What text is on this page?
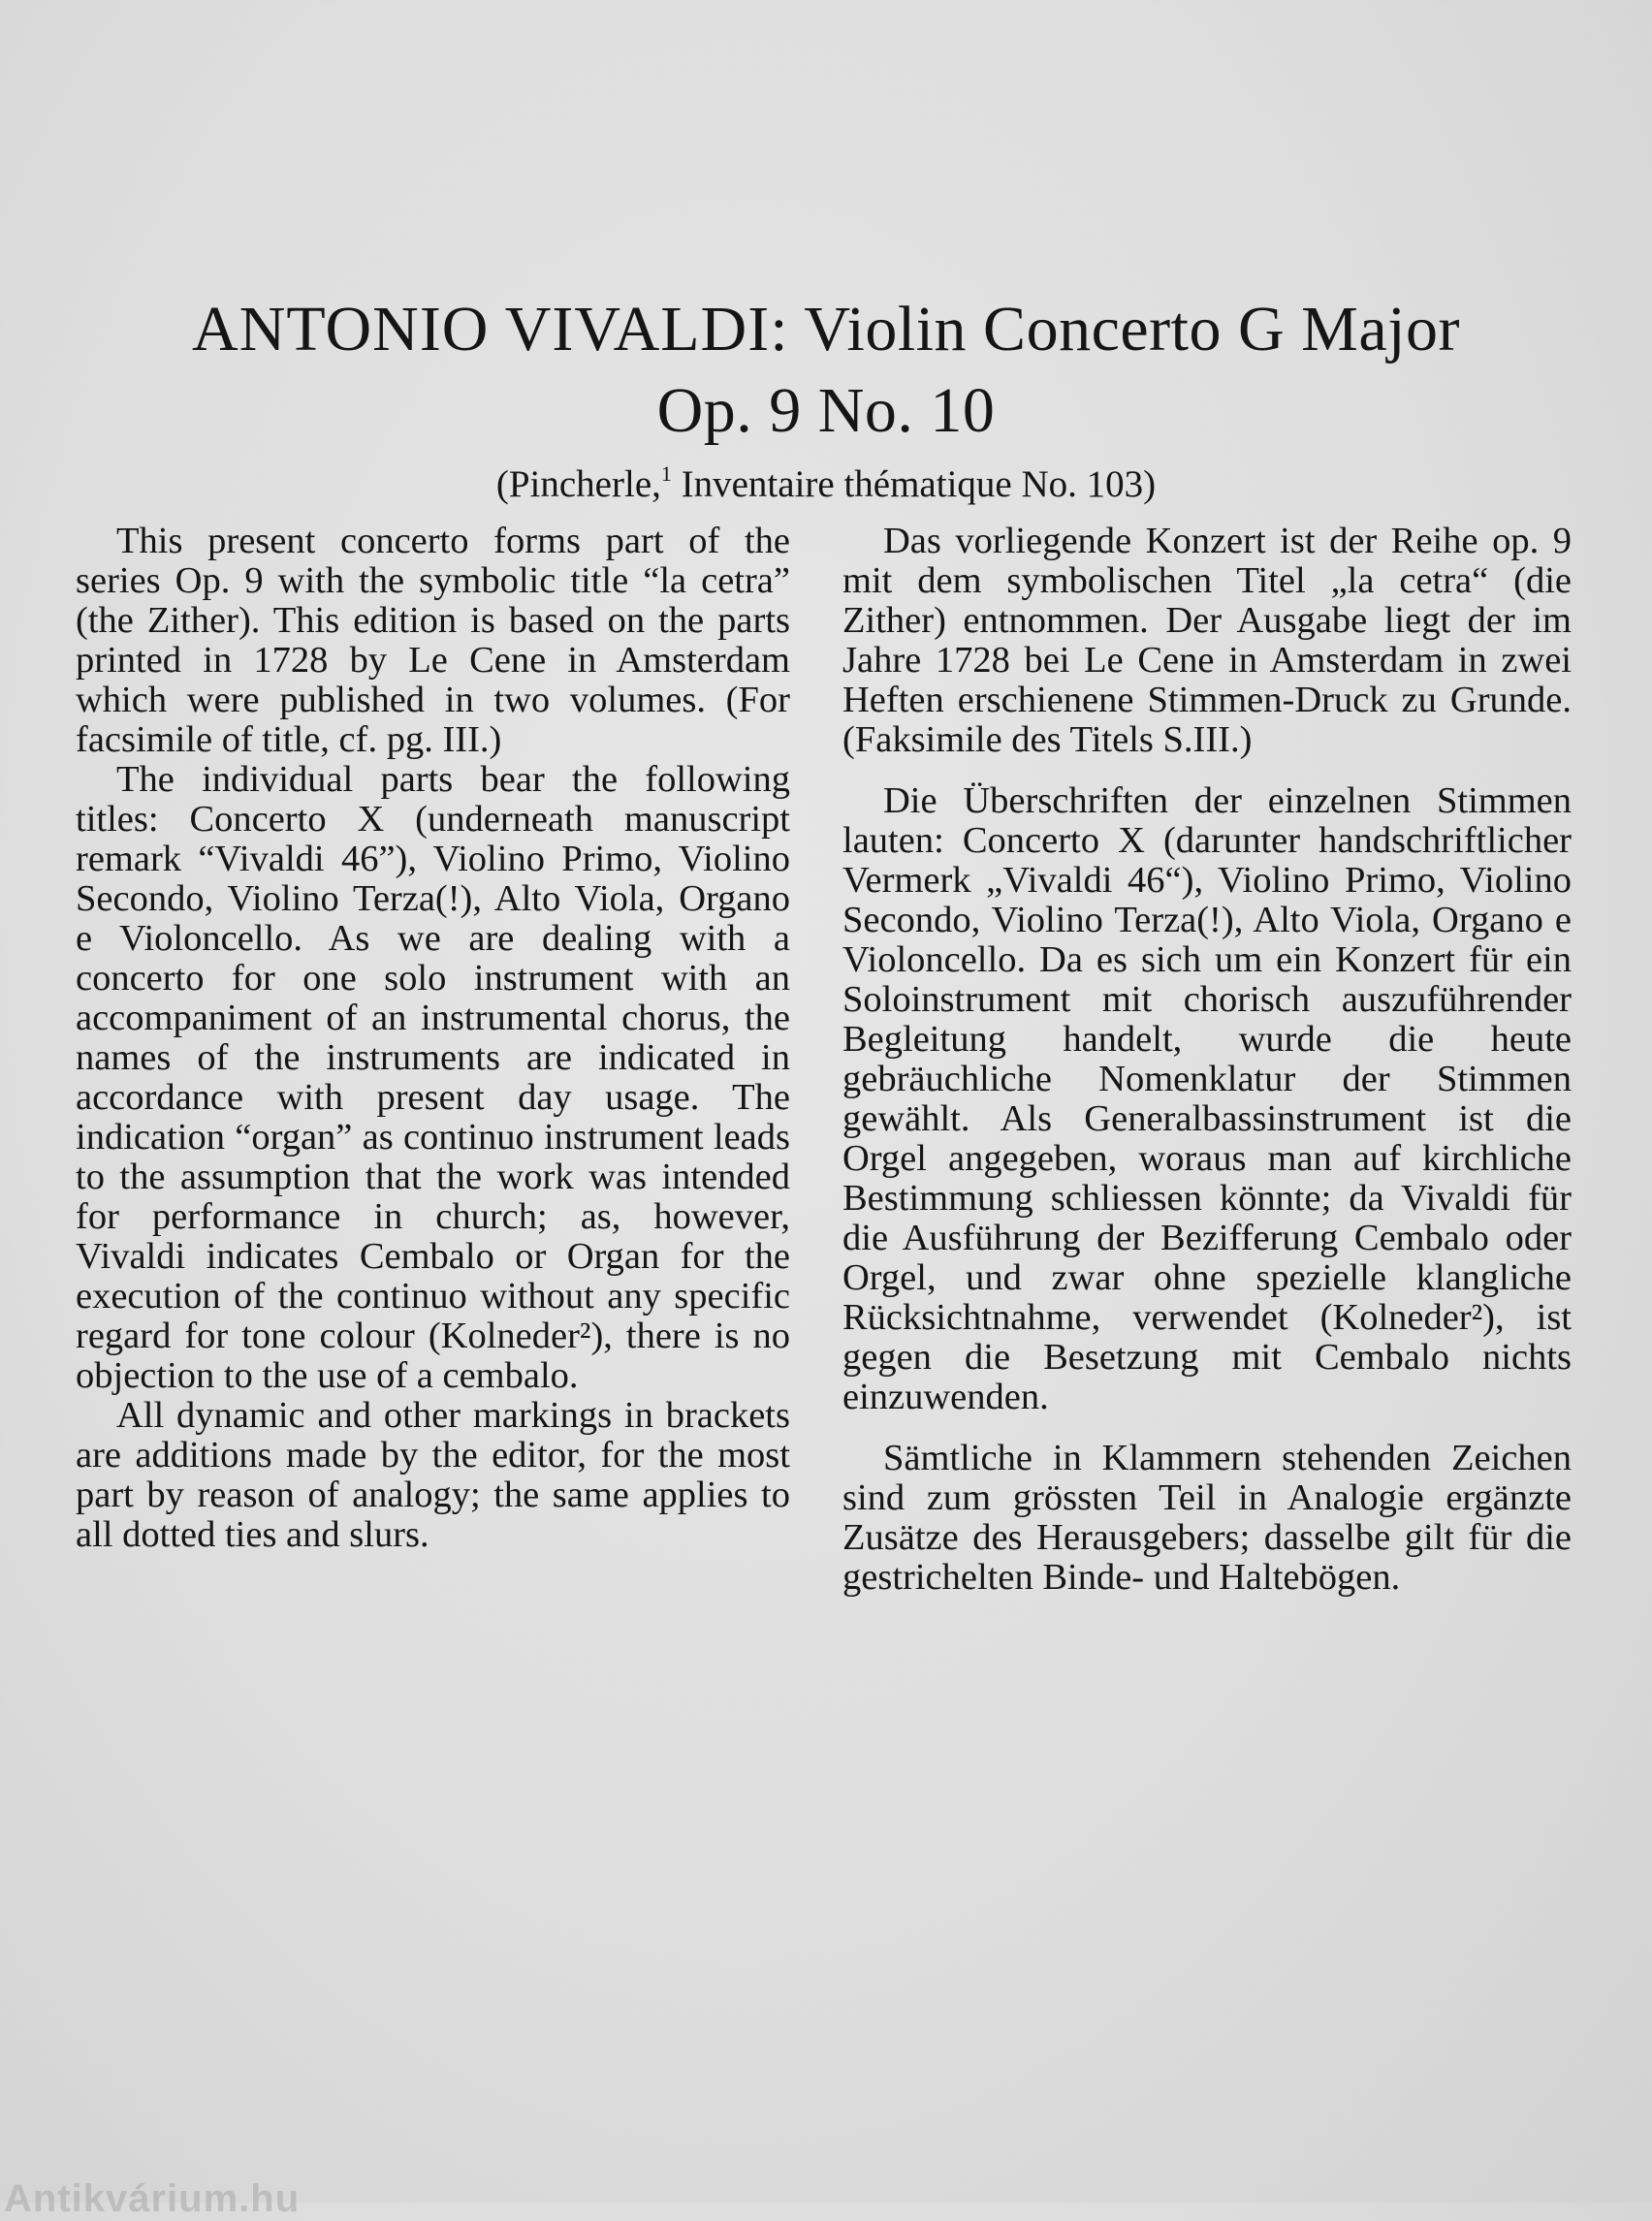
ANTONIO VIVALDI: Violin Concerto G Major
Op. 9 No. 10
(Pincherle,$^1$ Inventaire thématique No. 103)

This present concerto forms part of the series Op. 9 with the symbolic title “la cetra” (the Zither). This edition is based on the parts printed in 1728 by Le Cene in Amsterdam which were published in two volumes. (For facsimile of title, cf. pg. III.)

The individual parts bear the following titles: Concerto X (underneath manuscript remark “Vivaldi 46”), Violino Primo, Violino Secondo, Violino Terza(!), Alto Viola, Organo e Violoncello. As we are dealing with a concerto for one solo instrument with an accompaniment of an instrumental chorus, the names of the instruments are indicated in accordance with present day usage. The indication “organ” as continuo instrument leads to the assumption that the work was intended for performance in church; as, however, Vivaldi indicates Cembalo or Organ for the execution of the continuo without any specific regard for tone colour (Kolneder²), there is no objection to the use of a cembalo.

All dynamic and other markings in brackets are additions made by the editor, for the most part by reason of analogy; the same applies to all dotted ties and slurs.

Das vorliegende Konzert ist der Reihe op. 9 mit dem symbolischen Titel „la cetra“ (die Zither) entnommen. Der Ausgabe liegt der im Jahre 1728 bei Le Cene in Amsterdam in zwei Heften erschienene Stimmen-Druck zu Grunde. (Faksimile des Titels S.III.)

Die Überschriften der einzelnen Stimmen lauten: Concerto X (darunter handschriftlicher Vermerk „Vivaldi 46“), Violino Primo, Violino Secondo, Violino Terza(!), Alto Viola, Organo e Violoncello. Da es sich um ein Konzert für ein Soloinstrument mit chorisch auszuführender Begleitung handelt, wurde die heute gebräuchliche Nomenklatur der Stimmen gewählt. Als Generalbassinstrument ist die Orgel angegeben, woraus man auf kirchliche Bestimmung schliessen könnte; da Vivaldi für die Ausführung der Bezifferung Cembalo oder Orgel, und zwar ohne spezielle klangliche Rücksichtnahme, verwendet (Kolneder²), ist gegen die Besetzung mit Cembalo nichts einzuwenden.

Sämtliche in Klammern stehenden Zeichen sind zum grössten Teil in Analogie ergänzte Zusätze des Herausgebers; dasselbe gilt für die gestrichelten Binde- und Haltebögen.

Antikvárium.hu
